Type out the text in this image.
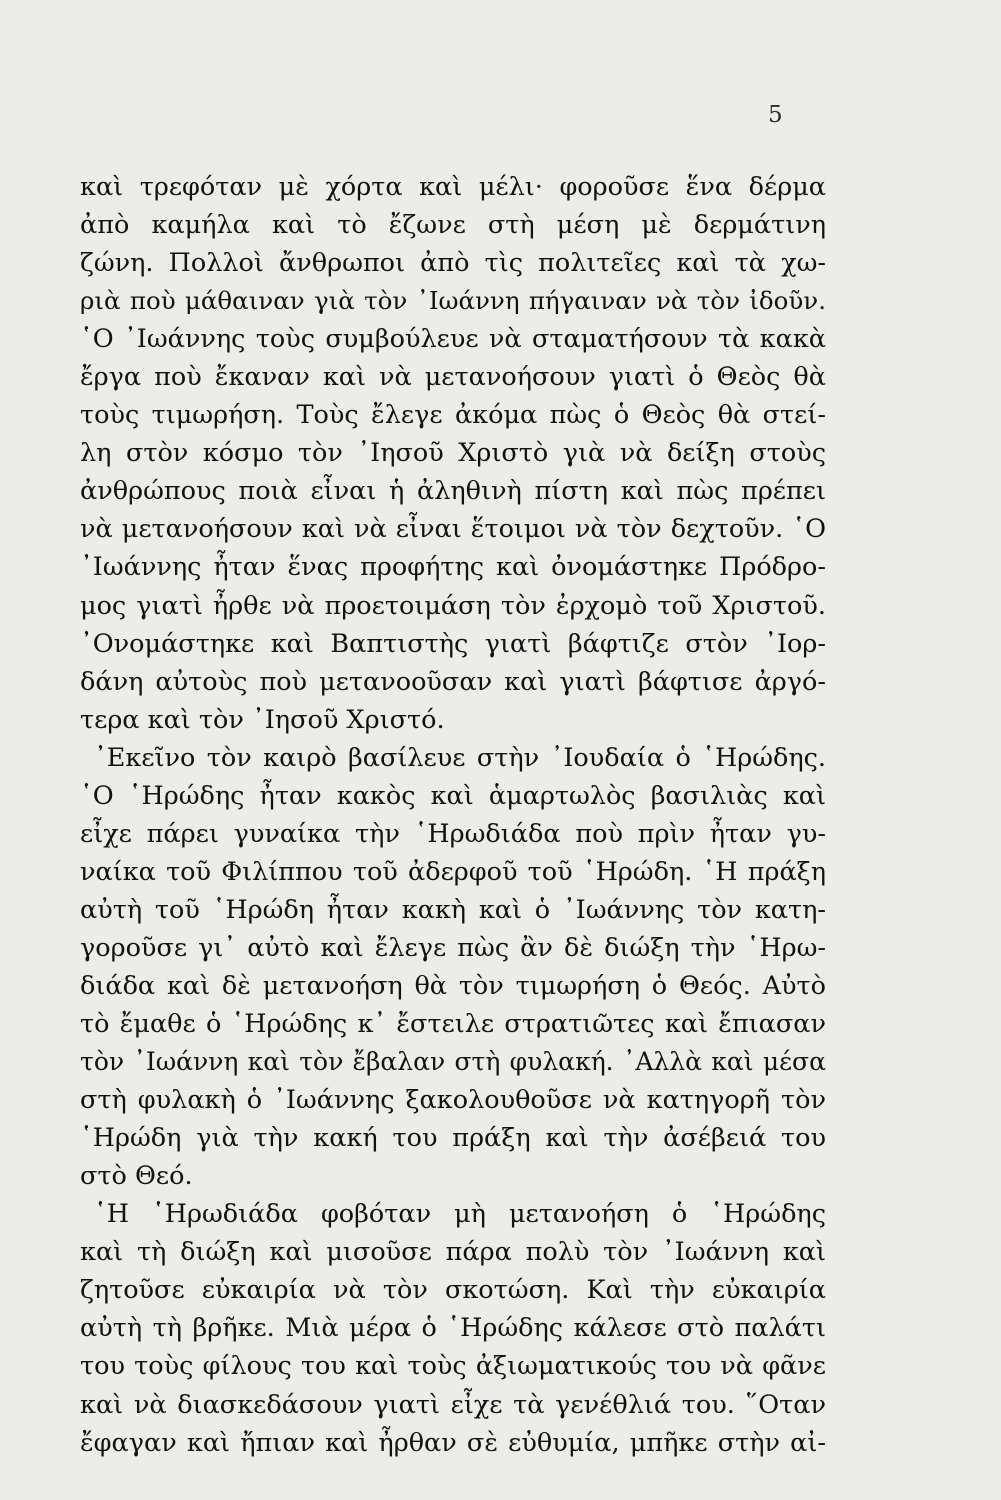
5
καὶ τρεφόταν μὲ χόρτα καὶ μέλι· φοροῦσε ἕνα δέρμα
ἀπὸ καμήλα καὶ τὸ ἔζωνε στὴ μέση μὲ δερμάτινη
ζώνη. Πολλοὶ ἄνθρωποι ἀπὸ τὶς πολιτεῖες καὶ τὰ χω-
ριὰ ποὺ μάθαιναν γιὰ τὸν ᾿Ιωάννη πήγαιναν νὰ τὸν ἰδοῦν.
῾Ο ᾿Ιωάννης τοὺς συμβούλευε νὰ σταματήσουν τὰ κακὰ
ἔργα ποὺ ἔκαναν καὶ νὰ μετανοήσουν γιατὶ ὁ Θεὸς θὰ
τοὺς τιμωρήση. Τοὺς ἔλεγε ἀκόμα πὼς ὁ Θεὸς θὰ στεί-
λη στὸν κόσμο τὸν ᾿Ιησοῦ Χριστὸ γιὰ νὰ δείξη στοὺς
ἀνθρώπους ποιὰ εἶναι ἡ ἀληθινὴ πίστη καὶ πὼς πρέπει
νὰ μετανοήσουν καὶ νὰ εἶναι ἕτοιμοι νὰ τὸν δεχτοῦν. ῾Ο
᾿Ιωάννης ἦταν ἕνας προφήτης καὶ ὀνομάστηκε Πρόδρο-
μος γιατὶ ἦρθε νὰ προετοιμάση τὸν ἐρχομὸ τοῦ Χριστοῦ.
᾿Ονομάστηκε καὶ Βαπτιστὴς γιατὶ βάφτιζε στὸν ᾿Ιορ-
δάνη αὐτοὺς ποὺ μετανοοῦσαν καὶ γιατὶ βάφτισε ἀργό-
τερα καὶ τὸν ᾿Ιησοῦ Χριστό.
᾿Εκεῖνο τὸν καιρὸ βασίλευε στὴν ᾿Ιουδαία ὁ ῾Ηρώδης.
῾Ο ῾Ηρώδης ἦταν κακὸς καὶ ἁμαρτωλὸς βασιλιὰς καὶ
εἶχε πάρει γυναίκα τὴν ῾Ηρωδιάδα ποὺ πρὶν ἦταν γυ-
ναίκα τοῦ Φιλίππου τοῦ ἀδερφοῦ τοῦ ῾Ηρώδη. ῾Η πράξη
αὐτὴ τοῦ ῾Ηρώδη ἦταν κακὴ καὶ ὁ ᾿Ιωάννης τὸν κατη-
γοροῦσε γι᾿ αὐτὸ καὶ ἔλεγε πὼς ἂν δὲ διώξη τὴν ῾Ηρω-
διάδα καὶ δὲ μετανοήση θὰ τὸν τιμωρήση ὁ Θεός. Αὐτὸ
τὸ ἔμαθε ὁ ῾Ηρώδης κ᾿ ἔστειλε στρατιῶτες καὶ ἔπιασαν
τὸν ᾿Ιωάννη καὶ τὸν ἔβαλαν στὴ φυλακή. ᾿Αλλὰ καὶ μέσα
στὴ φυλακὴ ὁ ᾿Ιωάννης ξακολουθοῦσε νὰ κατηγορῆ τὸν
῾Ηρώδη γιὰ τὴν κακή του πράξη καὶ τὴν ἀσέβειά του
στὸ Θεό.
῾Η ῾Ηρωδιάδα φοβόταν μὴ μετανοήση ὁ ῾Ηρώδης
καὶ τὴ διώξη καὶ μισοῦσε πάρα πολὺ τὸν ᾿Ιωάννη καὶ
ζητοῦσε εὐκαιρία νὰ τὸν σκοτώση. Καὶ τὴν εὐκαιρία
αὐτὴ τὴ βρῆκε. Μιὰ μέρα ὁ ῾Ηρώδης κάλεσε στὸ παλάτι
του τοὺς φίλους του καὶ τοὺς ἀξιωματικούς του νὰ φᾶνε
καὶ νὰ διασκεδάσουν γιατὶ εἶχε τὰ γενέθλιά του. ῞Οταν
ἔφαγαν καὶ ἤπιαν καὶ ἦρθαν σὲ εὐθυμία, μπῆκε στὴν αἰ-
